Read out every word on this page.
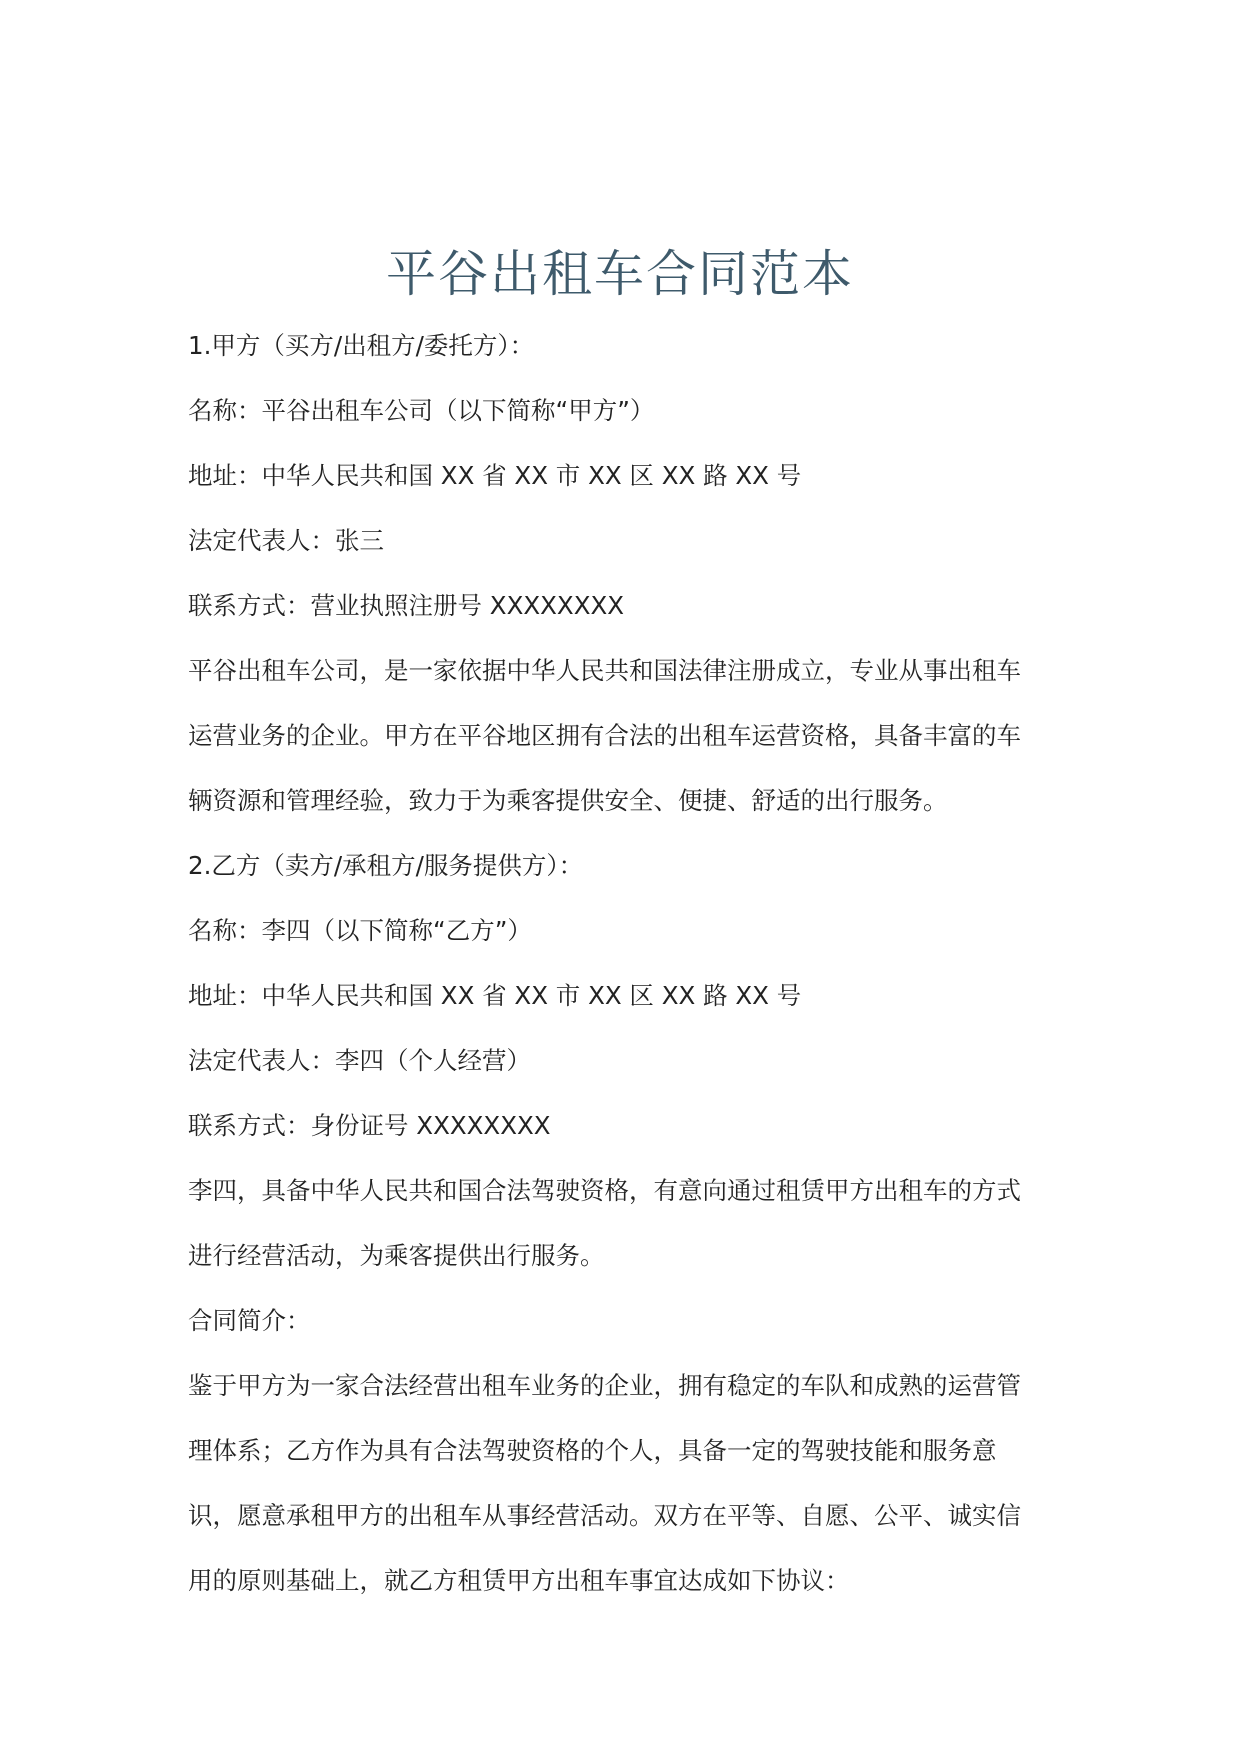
平谷出租车合同范本

1.甲方（买方/出租方/委托方）：

名称：平谷出租车公司（以下简称“甲方”）

地址：中华人民共和国 XX 省 XX 市 XX 区 XX 路 XX 号

法定代表人：张三

联系方式：营业执照注册号 XXXXXXXX

平谷出租车公司，是一家依据中华人民共和国法律注册成立，专业从事出租车

运营业务的企业。甲方在平谷地区拥有合法的出租车运营资格，具备丰富的车

辆资源和管理经验，致力于为乘客提供安全、便捷、舒适的出行服务。

2.乙方（卖方/承租方/服务提供方）：

名称：李四（以下简称“乙方”）

地址：中华人民共和国 XX 省 XX 市 XX 区 XX 路 XX 号

法定代表人：李四（个人经营）

联系方式：身份证号 XXXXXXXX

李四，具备中华人民共和国合法驾驶资格，有意向通过租赁甲方出租车的方式

进行经营活动，为乘客提供出行服务。

合同简介：

鉴于甲方为一家合法经营出租车业务的企业，拥有稳定的车队和成熟的运营管

理体系；乙方作为具有合法驾驶资格的个人，具备一定的驾驶技能和服务意

识，愿意承租甲方的出租车从事经营活动。双方在平等、自愿、公平、诚实信

用的原则基础上，就乙方租赁甲方出租车事宜达成如下协议：
